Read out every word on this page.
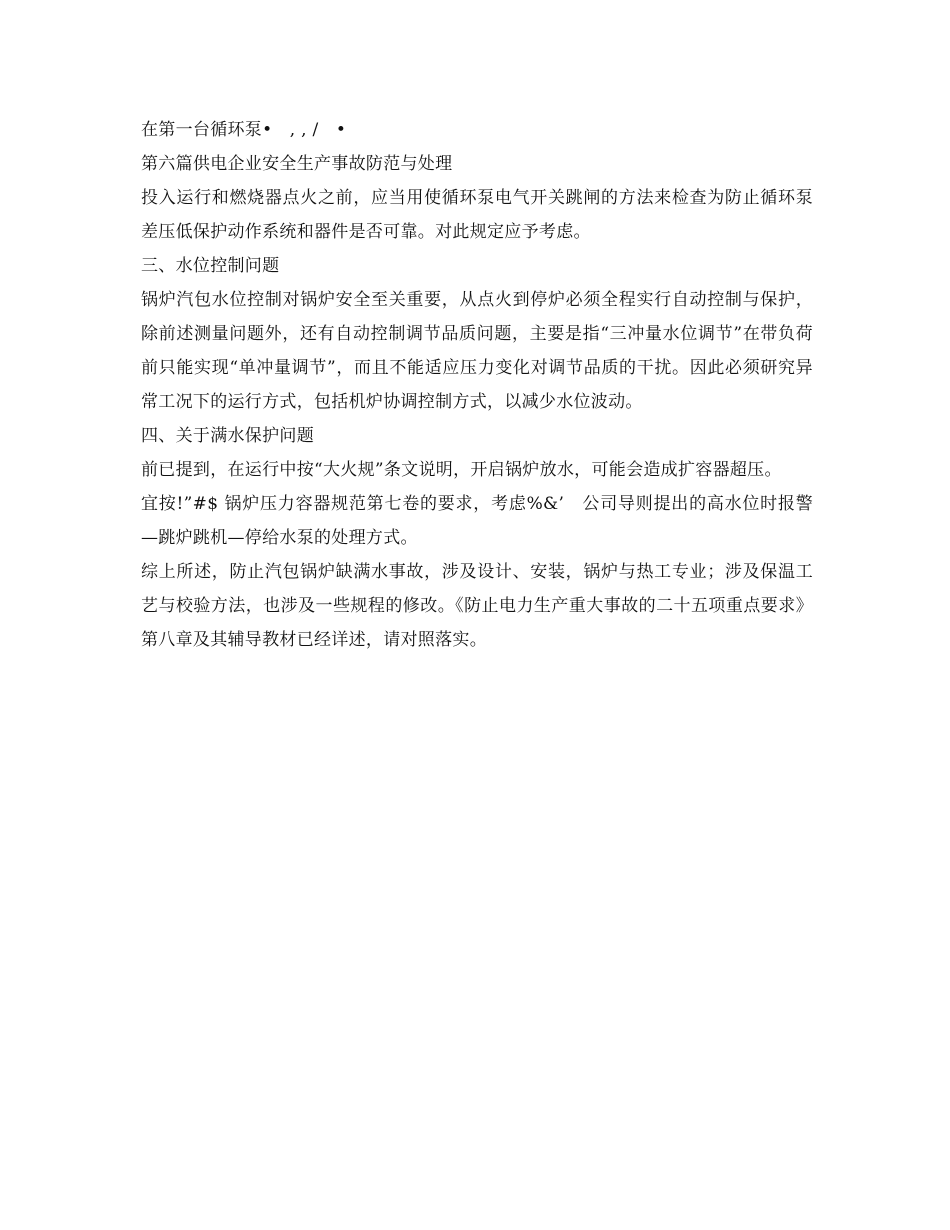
在第一台循环泵•　, , /　•

第六篇供电企业安全生产事故防范与处理

投入运行和燃烧器点火之前，应当用使循环泵电气开关跳闸的方法来检查为防止循环泵差压低保护动作系统和器件是否可靠。对此规定应予考虑。

三、水位控制问题

锅炉汽包水位控制对锅炉安全至关重要，从点火到停炉必须全程实行自动控制与保护，除前述测量问题外，还有自动控制调节品质问题，主要是指“三冲量水位调节”在带负荷前只能实现“单冲量调节”，而且不能适应压力变化对调节品质的干扰。因此必须研究异常工况下的运行方式，包括机炉协调控制方式，以减少水位波动。

四、关于满水保护问题

前已提到，在运行中按“大火规”条文说明，开启锅炉放水，可能会造成扩容器超压。

宜按!”#$ 锅炉压力容器规范第七卷的要求，考虑%&’　公司导则提出的高水位时报警—跳炉跳机—停给水泵的处理方式。

综上所述，防止汽包锅炉缺满水事故，涉及设计、安装，锅炉与热工专业；涉及保温工艺与校验方法，也涉及一些规程的修改。《防止电力生产重大事故的二十五项重点要求》第八章及其辅导教材已经详述，请对照落实。
